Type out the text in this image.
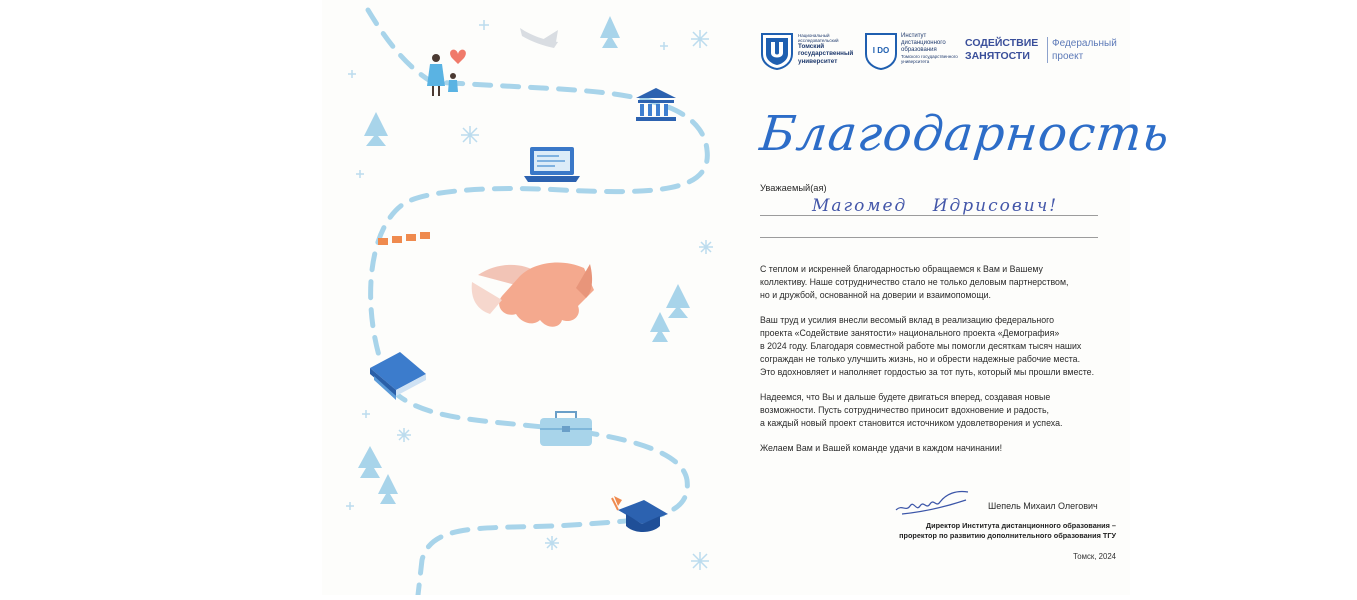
Национальный исследовательский
Томский государственный университет
I DO
Институт дистанционного образования
Томского государственного университета
СОДЕЙСТВИЕ ЗАНЯТОСТИ
Федеральный проект
Благодарность
Уважаемый(ая)
Магомед Идрисович!

С теплом и искренней благодарностью обращаемся к Вам и Вашему
коллективу. Наше сотрудничество стало не только деловым партнерством,
но и дружбой, основанной на доверии и взаимопомощи.

Ваш труд и усилия внесли весомый вклад в реализацию федерального
проекта «Содействие занятости» национального проекта «Демография»
в 2024 году. Благодаря совместной работе мы помогли десяткам тысяч наших
сограждан не только улучшить жизнь, но и обрести надежные рабочие места.
Это вдохновляет и наполняет гордостью за тот путь, который мы прошли вместе.

Надеемся, что Вы и дальше будете двигаться вперед, создавая новые
возможности. Пусть сотрудничество приносит вдохновение и радость,
а каждый новый проект становится источником удовлетворения и успеха.

Желаем Вам и Вашей команде удачи в каждом начинании!

Шепель Михаил Олегович
Директор Института дистанционного образования –
проректор по развитию дополнительного образования ТГУ
Томск, 2024
